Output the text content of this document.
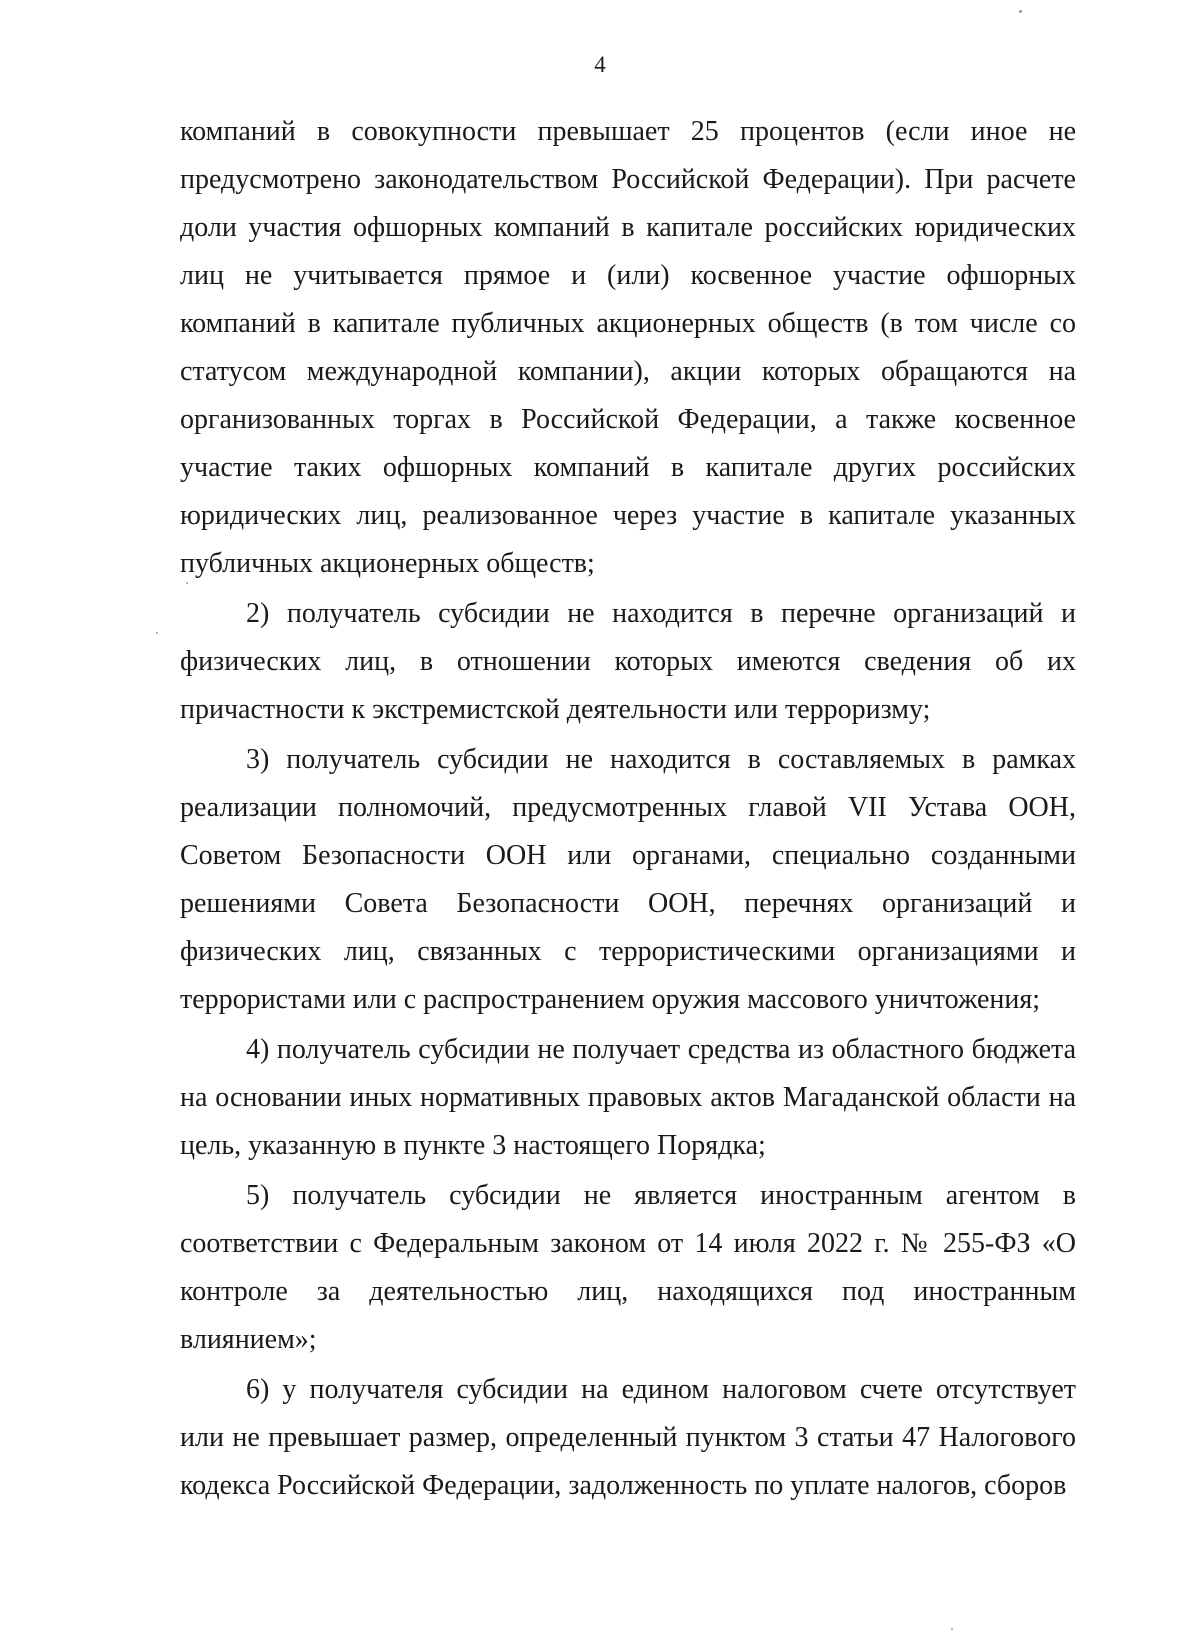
4

компаний в совокупности превышает 25 процентов (если иное не предусмотрено законодательством Российской Федерации). При расчете доли участия офшорных компаний в капитале российских юридических лиц не учитывается прямое и (или) косвенное участие офшорных компаний в капитале публичных акционерных обществ (в том числе со статусом международной компании), акции которых обращаются на организованных торгах в Российской Федерации, а также косвенное участие таких офшорных компаний в капитале других российских юридических лиц, реализованное через участие в капитале указанных публичных акционерных обществ;

2) получатель субсидии не находится в перечне организаций и физических лиц, в отношении которых имеются сведения об их причастности к экстремистской деятельности или терроризму;

3) получатель субсидии не находится в составляемых в рамках реализации полномочий, предусмотренных главой VII Устава ООН, Советом Безопасности ООН или органами, специально созданными решениями Совета Безопасности ООН, перечнях организаций и физических лиц, связанных с террористическими организациями и террористами или с распространением оружия массового уничтожения;

4) получатель субсидии не получает средства из областного бюджета на основании иных нормативных правовых актов Магаданской области на цель, указанную в пункте 3 настоящего Порядка;

5) получатель субсидии не является иностранным агентом в соответствии с Федеральным законом от 14 июля 2022 г. № 255-ФЗ «О контроле за деятельностью лиц, находящихся под иностранным влиянием»;

6) у получателя субсидии на едином налоговом счете отсутствует или не превышает размер, определенный пунктом 3 статьи 47 Налогового кодекса Российской Федерации, задолженность по уплате налогов, сборов
